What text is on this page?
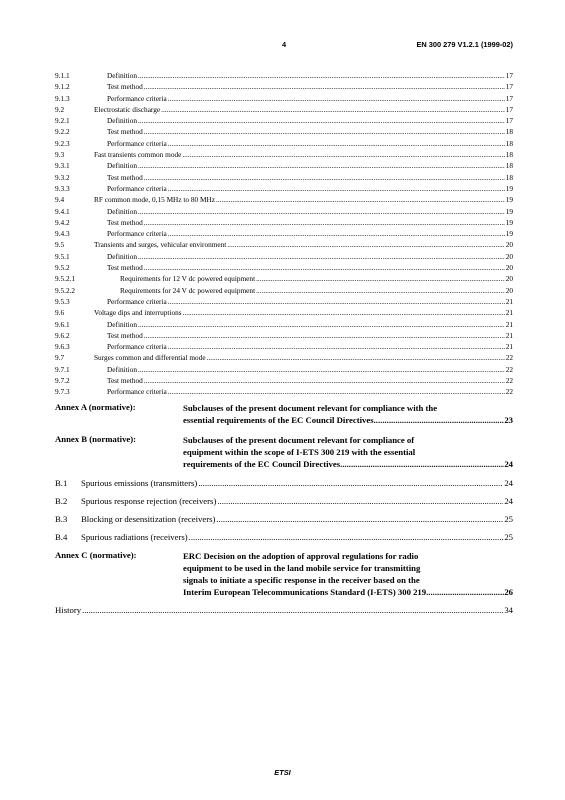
4	EN 300 279 V1.2.1 (1999-02)
9.1.1	Definition .....	17
9.1.2	Test method .....	17
9.1.3	Performance criteria .....	17
9.2	Electrostatic discharge .....	17
9.2.1	Definition .....	17
9.2.2	Test method .....	18
9.2.3	Performance criteria .....	18
9.3	Fast transients common mode .....	18
9.3.1	Definition .....	18
9.3.2	Test method .....	18
9.3.3	Performance criteria .....	19
9.4	RF common mode, 0,15 MHz to 80 MHz .....	19
9.4.1	Definition .....	19
9.4.2	Test method .....	19
9.4.3	Performance criteria .....	19
9.5	Transients and surges, vehicular environment .....	20
9.5.1	Definition .....	20
9.5.2	Test method .....	20
9.5.2.1	Requirements for 12 V dc powered equipment .....	20
9.5.2.2	Requirements for 24 V dc powered equipment .....	20
9.5.3	Performance criteria .....	21
9.6	Voltage dips and interruptions .....	21
9.6.1	Definition .....	21
9.6.2	Test method .....	21
9.6.3	Performance criteria .....	21
9.7	Surges common and differential mode .....	22
9.7.1	Definition .....	22
9.7.2	Test method .....	22
9.7.3	Performance criteria .....	22
Annex A (normative):	Subclauses of the present document relevant for compliance with the
essential requirements of the EC Council Directives .....	23
Annex B (normative):	Subclauses of the present document relevant for compliance of
equipment within the scope of I-ETS 300 219 with the essential
requirements of the EC Council Directives .....	24
B.1 Spurious emissions (transmitters) .....	24
B.2 Spurious response rejection (receivers) .....	24
B.3 Blocking or desensitization (receivers) .....	25
B.4 Spurious radiations (receivers) .....	25
Annex C (normative):	ERC Decision on the adoption of approval regulations for radio
equipment to be used in the land mobile service for transmitting
signals to initiate a specific response in the receiver based on the
Interim European Telecommunications Standard (I-ETS) 300 219 .....	26
History .....	34
ETSI
